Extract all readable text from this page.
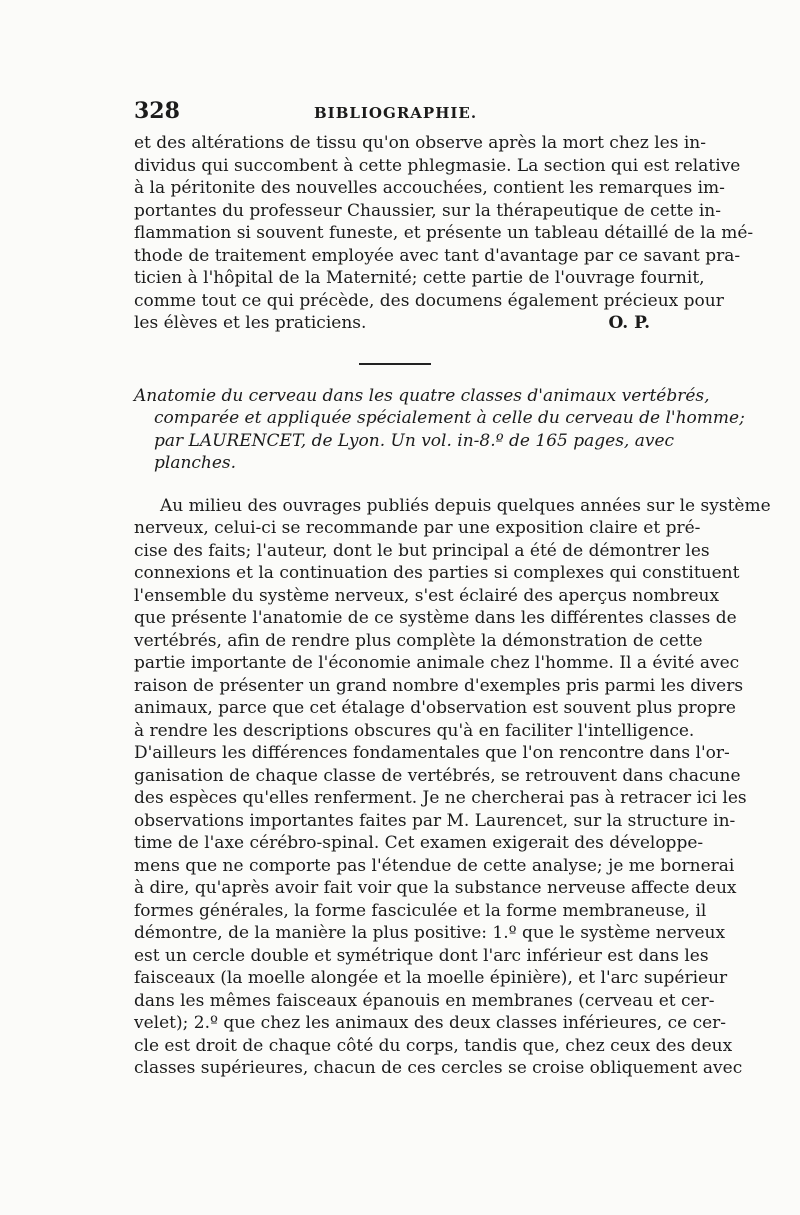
328	BIBLIOGRAPHIE.
et des altérations de tissu qu'on observe après la mort chez les in-
dividus qui succombent à cette phlegmasie. La section qui est relative
à la péritonite des nouvelles accouchées, contient les remarques im-
portantes du professeur Chaussier, sur la thérapeutique de cette in-
flammation si souvent funeste, et présente un tableau détaillé de la mé-
thode de traitement employée avec tant d'avantage par ce savant pra-
ticien à l'hôpital de la Maternité; cette partie de l'ouvrage fournit,
comme tout ce qui précède, des documens également précieux pour
les élèves et les praticiens.	O. P.
Anatomie du cerveau dans les quatre classes d'animaux vertébrés,
comparée et appliquée spécialement à celle du cerveau de l'homme;
par LAURENCET, de Lyon. Un vol. in-8.º de 165 pages, avec
planches.
Au milieu des ouvrages publiés depuis quelques années sur le système
nerveux, celui-ci se recommande par une exposition claire et pré-
cise des faits; l'auteur, dont le but principal a été de démontrer les
connexions et la continuation des parties si complexes qui constituent
l'ensemble du système nerveux, s'est éclairé des aperçus nombreux
que présente l'anatomie de ce système dans les différentes classes de
vertébrés, afin de rendre plus complète la démonstration de cette
partie importante de l'économie animale chez l'homme. Il a évité avec
raison de présenter un grand nombre d'exemples pris parmi les divers
animaux, parce que cet étalage d'observation est souvent plus propre
à rendre les descriptions obscures qu'à en faciliter l'intelligence.
D'ailleurs les différences fondamentales que l'on rencontre dans l'or-
ganisation de chaque classe de vertébrés, se retrouvent dans chacune
des espèces qu'elles renferment. Je ne chercherai pas à retracer ici les
observations importantes faites par M. Laurencet, sur la structure in-
time de l'axe cérébro-spinal. Cet examen exigerait des développe-
mens que ne comporte pas l'étendue de cette analyse; je me bornerai
à dire, qu'après avoir fait voir que la substance nerveuse affecte deux
formes générales, la forme fasciculée et la forme membraneuse, il
démontre, de la manière la plus positive: 1.º que le système nerveux
est un cercle double et symétrique dont l'arc inférieur est dans les
faisceaux (la moelle alongée et la moelle épinière), et l'arc supérieur
dans les mêmes faisceaux épanouis en membranes (cerveau et cer-
velet); 2.º que chez les animaux des deux classes inférieures, ce cer-
cle est droit de chaque côté du corps, tandis que, chez ceux des deux
classes supérieures, chacun de ces cercles se croise obliquement avec
